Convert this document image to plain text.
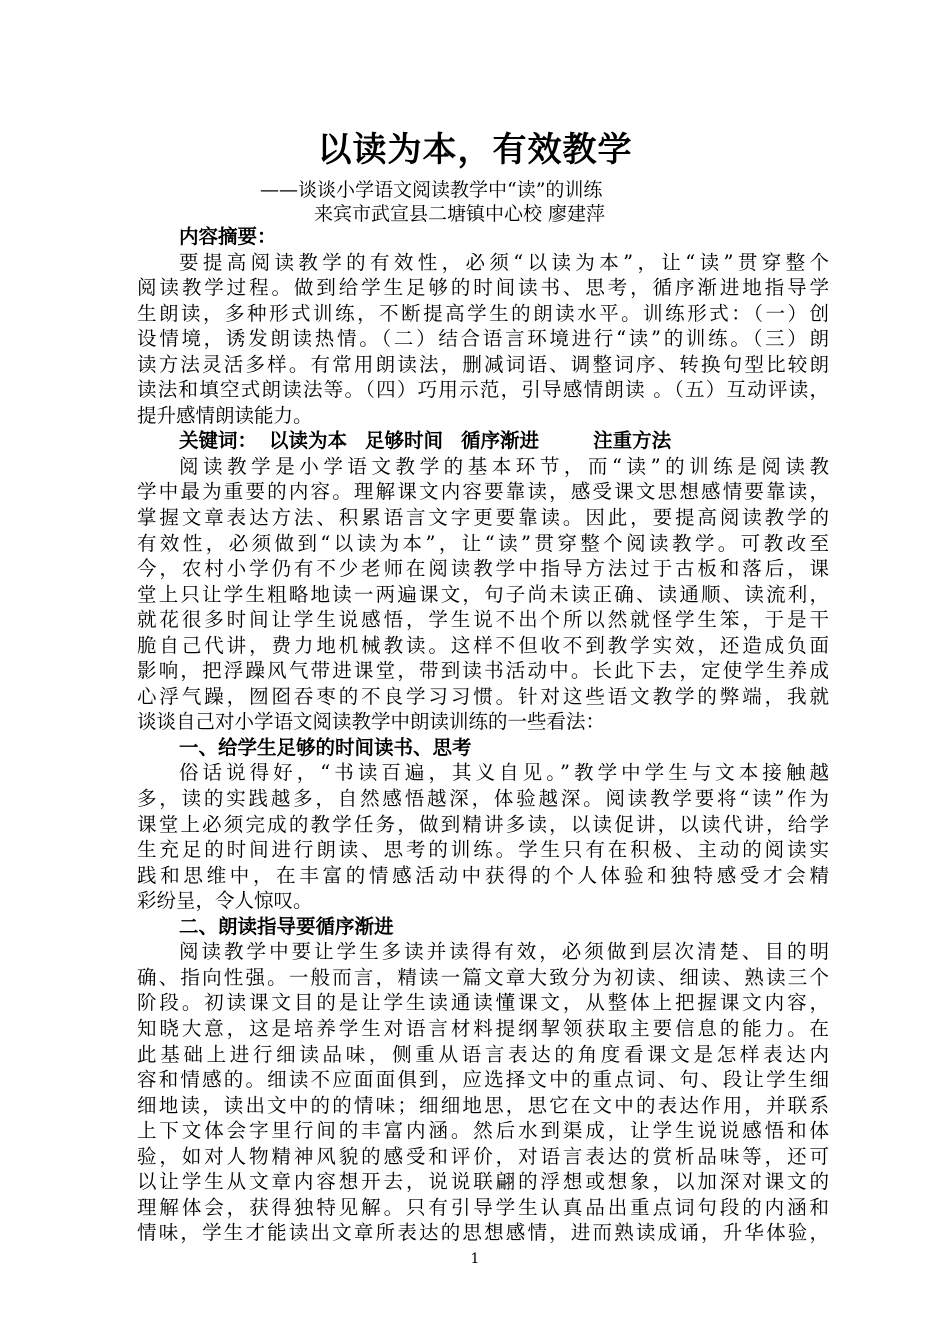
以读为本，有效教学
——谈谈小学语文阅读教学中“读”的训练
来宾市武宣县二塘镇中心校 廖建萍
内容摘要：
要提高阅读教学的有效性，必须“以读为本”，让“读”贯穿整个
阅读教学过程。做到给学生足够的时间读书、思考，循序渐进地指导学
生朗读，多种形式训练，不断提高学生的朗读水平。训练形式：（一）创
设情境，诱发朗读热情。（二）结合语言环境进行“读”的训练。（三）朗
读方法灵活多样。有常用朗读法，删减词语、调整词序、转换句型比较朗
读法和填空式朗读法等。（四）巧用示范，引导感情朗读 。（五）互动评读，
提升感情朗读能力。
关键词： 以读为本 足够时间 循序渐进	注重方法
阅读教学是小学语文教学的基本环节，而“读”的训练是阅读教
学中最为重要的内容。理解课文内容要靠读，感受课文思想感情要靠读，
掌握文章表达方法、积累语言文字更要靠读。因此，要提高阅读教学的
有效性，必须做到“以读为本”，让“读”贯穿整个阅读教学。可教改至
今，农村小学仍有不少老师在阅读教学中指导方法过于古板和落后，课
堂上只让学生粗略地读一两遍课文，句子尚未读正确、读通顺、读流利，
就花很多时间让学生说感悟，学生说不出个所以然就怪学生笨，于是干
脆自己代讲，费力地机械教读。这样不但收不到教学实效，还造成负面
影响，把浮躁风气带进课堂，带到读书活动中。长此下去，定使学生养成
心浮气躁，囫囵吞枣的不良学习习惯。针对这些语文教学的弊端，我就
谈谈自己对小学语文阅读教学中朗读训练的一些看法：
一、给学生足够的时间读书、思考
俗话说得好，“书读百遍，其义自见。”教学中学生与文本接触越
多，读的实践越多，自然感悟越深，体验越深。阅读教学要将“读”作为
课堂上必须完成的教学任务，做到精讲多读，以读促讲，以读代讲，给学
生充足的时间进行朗读、思考的训练。学生只有在积极、主动的阅读实
践和思维中，在丰富的情感活动中获得的个人体验和独特感受才会精
彩纷呈，令人惊叹。
二、朗读指导要循序渐进
阅读教学中要让学生多读并读得有效，必须做到层次清楚、目的明
确、指向性强。一般而言，精读一篇文章大致分为初读、细读、熟读三个
阶段。初读课文目的是让学生读通读懂课文，从整体上把握课文内容，
知晓大意，这是培养学生对语言材料提纲挈领获取主要信息的能力。在
此基础上进行细读品味，侧重从语言表达的角度看课文是怎样表达内
容和情感的。细读不应面面俱到，应选择文中的重点词、句、段让学生细
细地读，读出文中的的情味；细细地思，思它在文中的表达作用，并联系
上下文体会字里行间的丰富内涵。然后水到渠成，让学生说说感悟和体
验，如对人物精神风貌的感受和评价，对语言表达的赏析品味等，还可
以让学生从文章内容想开去，说说联翩的浮想或想象，以加深对课文的
理解体会，获得独特见解。只有引导学生认真品出重点词句段的内涵和
情味，学生才能读出文章所表达的思想感情，进而熟读成诵，升华体验，
1
